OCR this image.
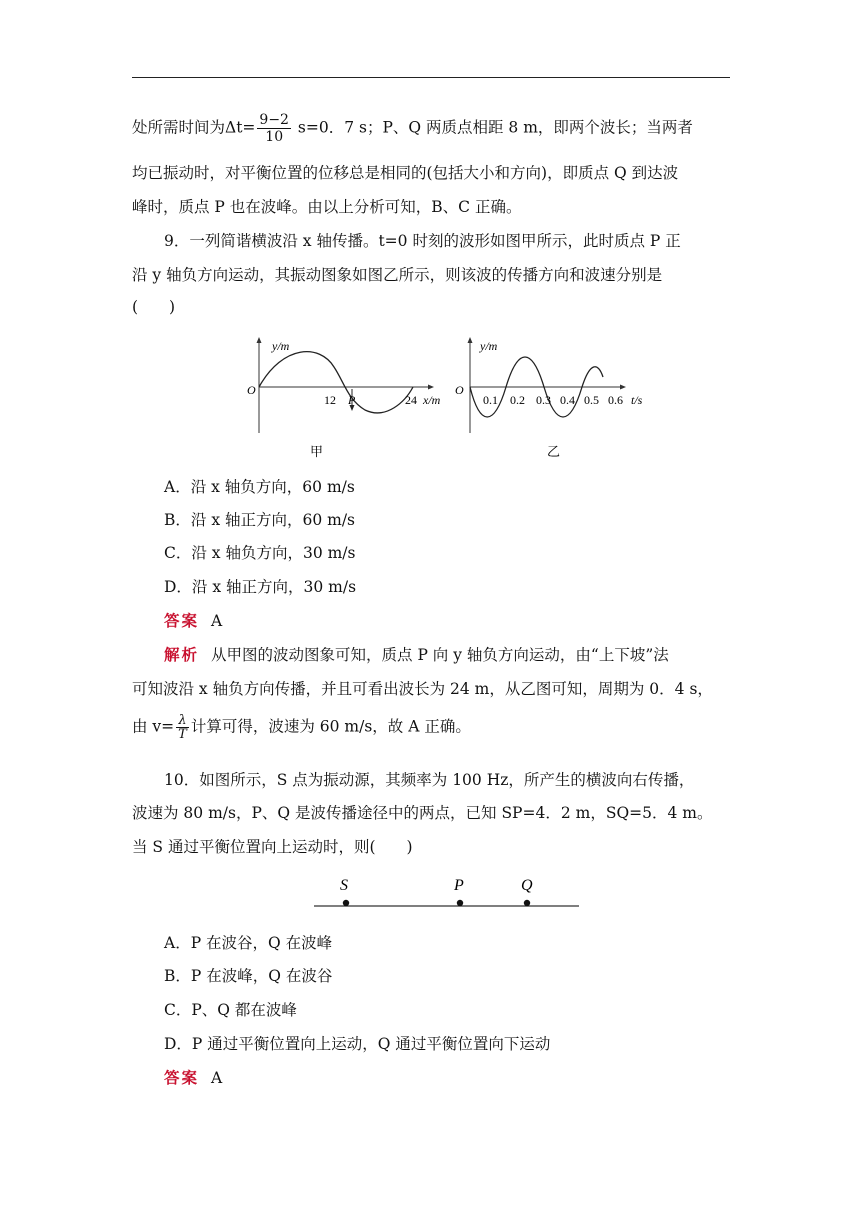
处所需时间为$\Delta t= \frac{9-2}{10} s=0$．7 s；P、Q 两质点相距 8 m，即两个波长；当两者
均已振动时，对平衡位置的位移总是相同的(包括大小和方向)，即质点 Q 到达波
峰时，质点 P 也在波峰。由以上分析可知，B、C 正确。
9．一列简谐横波沿 x 轴传播。t=0 时刻的波形如图甲所示，此时质点 P 正
沿 y 轴负方向运动，其振动图象如图乙所示，则该波的传播方向和波速分别是
(　　)
y/m
O
12 P	24 x/m
甲
y/m
O
0.1 0.2 0.3 0.4 0.5 0.6 t/s
乙
A．沿 x 轴负方向，60 m/s
B．沿 x 轴正方向，60 m/s
C．沿 x 轴负方向，30 m/s
D．沿 x 轴正方向，30 m/s
答案 A
解析 从甲图的波动图象可知，质点 P 向 y 轴负方向运动，由“上下坡”法
可知波沿 x 轴负方向传播，并且可看出波长为 24 m，从乙图可知，周期为 0．4 s，
由 $v= \frac{\lambda}{T}$ 计算可得，波速为 60 m/s，故 A 正确。
10．如图所示，S 点为振动源，其频率为 100 Hz，所产生的横波向右传播，
波速为 80 m/s，P、Q 是波传播途径中的两点，已知 SP=4．2 m，SQ=5．4 m。
当 S 通过平衡位置向上运动时，则(　　)
S	P	Q
A．P 在波谷，Q 在波峰
B．P 在波峰，Q 在波谷
C．P、Q 都在波峰
D．P 通过平衡位置向上运动，Q 通过平衡位置向下运动
答案 A
